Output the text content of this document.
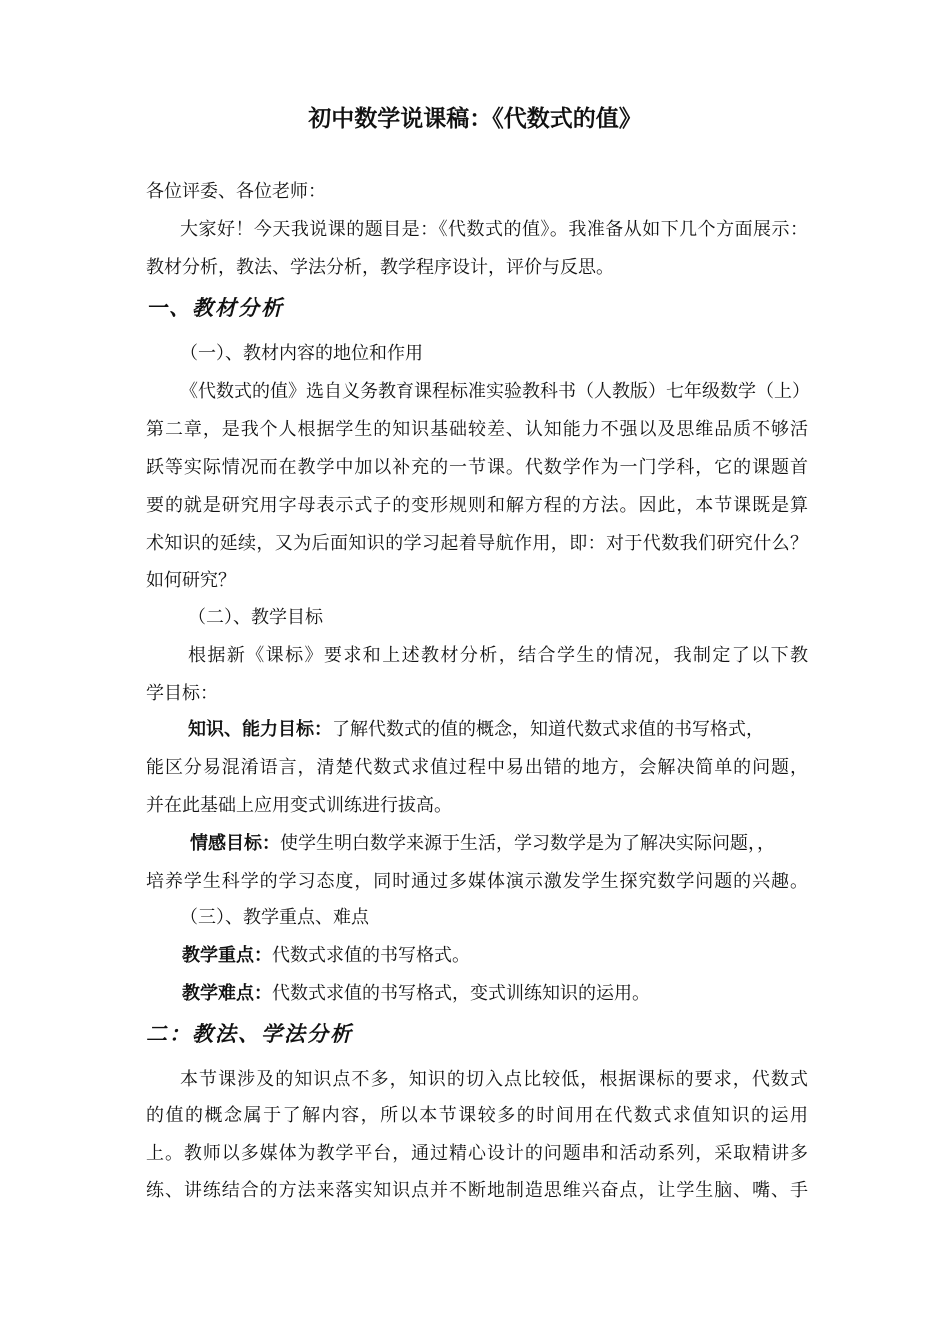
初中数学说课稿：《代数式的值》
各位评委、各位老师：
大家好！今天我说课的题目是：《代数式的值》。我准备从如下几个方面展示：
教材分析，教法、学法分析，教学程序设计，评价与反思。
一、教材分析
（一）、教材内容的地位和作用
《代数式的值》选自义务教育课程标准实验教科书（人教版）七年级数学（上）
第二章，是我个人根据学生的知识基础较差、认知能力不强以及思维品质不够活
跃等实际情况而在教学中加以补充的一节课。代数学作为一门学科，它的课题首
要的就是研究用字母表示式子的变形规则和解方程的方法。因此，本节课既是算
术知识的延续，又为后面知识的学习起着导航作用，即：对于代数我们研究什么？
如何研究？
（二）、教学目标
根据新《课标》要求和上述教材分析，结合学生的情况，我制定了以下教
学目标：
知识、能力目标：了解代数式的值的概念，知道代数式求值的书写格式，
能区分易混淆语言，清楚代数式求值过程中易出错的地方，会解决简单的问题，
并在此基础上应用变式训练进行拔高。
情感目标：使学生明白数学来源于生活，学习数学是为了解决实际问题，，
培养学生科学的学习态度，同时通过多媒体演示激发学生探究数学问题的兴趣。
（三）、教学重点、难点
教学重点：代数式求值的书写格式。
教学难点：代数式求值的书写格式，变式训练知识的运用。
二：教法、学法分析
本节课涉及的知识点不多，知识的切入点比较低，根据课标的要求，代数式
的值的概念属于了解内容，所以本节课较多的时间用在代数式求值知识的运用
上。教师以多媒体为教学平台，通过精心设计的问题串和活动系列，采取精讲多
练、讲练结合的方法来落实知识点并不断地制造思维兴奋点，让学生脑、嘴、手
